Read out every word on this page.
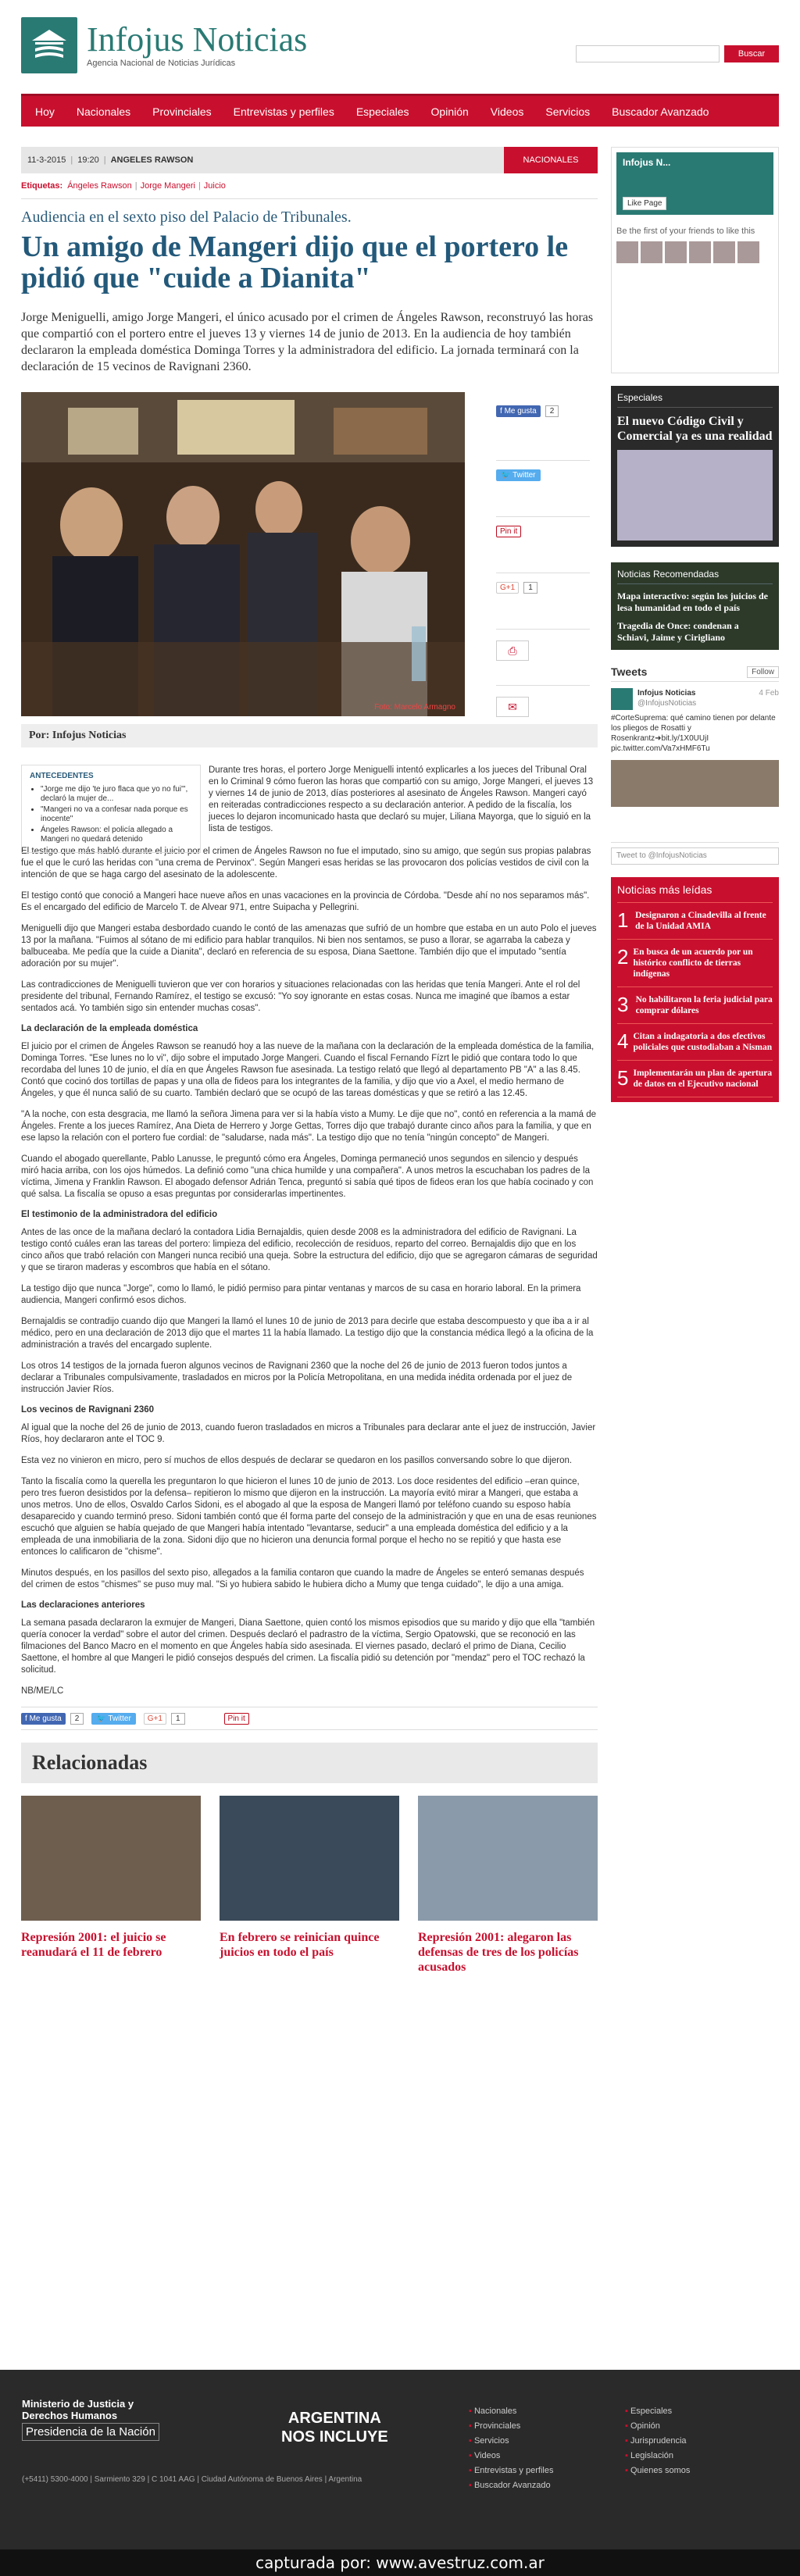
Infojus Noticias
Agencia Nacional de Noticias Jurídicas
Buscar
Hoy	Nacionales	Provinciales	Entrevistas y perfiles	Especiales	Opinión	Videos	Servicios	Buscador Avanzado
11-3-2015 | 19:20 | ANGELES RAWSON	NACIONALES
Etiquetas: Ángeles Rawson | Jorge Mangeri | Juicio
Audiencia en el sexto piso del Palacio de Tribunales.
Un amigo de Mangeri dijo que el portero le pidió que "cuide a Dianita"
Jorge Meniguelli, amigo Jorge Mangeri, el único acusado por el crimen de Ángeles Rawson, reconstruyó las horas que compartió con el portero entre el jueves 13 y viernes 14 de junio de 2013. En la audiencia de hoy también declararon la empleada doméstica Dominga Torres y la administradora del edificio. La jornada terminará con la declaración de 15 vecinos de Ravignani 2360.
Foto: Marcelo Armagno
f Me gusta 2
🐦 Twitter
Pin it
G+1 1
⎙
✉
Por: Infojus Noticias
ANTECEDENTES
• "Jorge me dijo 'te juro flaca que yo no fui'", declaró la mujer de...
• "Mangeri no va a confesar nada porque es inocente"
• Ángeles Rawson: el policía allegado a Mangeri no quedará detenido
Durante tres horas, el portero Jorge Meniguelli intentó explicarles a los jueces del Tribunal Oral en lo Criminal 9 cómo fueron las horas que compartió con su amigo, Jorge Mangeri, el jueves 13 y viernes 14 de junio de 2013, días posteriores al asesinato de Ángeles Rawson. Mangeri cayó en reiteradas contradicciones respecto a su declaración anterior. A pedido de la fiscalía, los jueces lo dejaron incomunicado hasta que declaró su mujer, Liliana Mayorga, que lo siguió en la lista de testigos.

El testigo que más habló durante el juicio por el crimen de Ángeles Rawson no fue el imputado, sino su amigo, que según sus propias palabras fue el que le curó las heridas con "una crema de Pervinox". Según Mangeri esas heridas se las provocaron dos policías vestidos de civil con la intención de que se haga cargo del asesinato de la adolescente.

El testigo contó que conoció a Mangeri hace nueve años en unas vacaciones en la provincia de Córdoba. "Desde ahí no nos separamos más". Es el encargado del edificio de Marcelo T. de Alvear 971, entre Suipacha y Pellegrini.

Meniguelli dijo que Mangeri estaba desbordado cuando le contó de las amenazas que sufrió de un hombre que estaba en un auto Polo el jueves 13 por la mañana. "Fuimos al sótano de mi edificio para hablar tranquilos. Ni bien nos sentamos, se puso a llorar, se agarraba la cabeza y balbuceaba. Me pedía que la cuide a Dianita", declaró en referencia de su esposa, Diana Saettone. También dijo que el imputado "sentía adoración por su mujer".

Las contradicciones de Meniguelli tuvieron que ver con horarios y situaciones relacionadas con las heridas que tenía Mangeri. Ante el rol del presidente del tribunal, Fernando Ramírez, el testigo se excusó: "Yo soy ignorante en estas cosas. Nunca me imaginé que íbamos a estar sentados acá. Yo también sigo sin entender muchas cosas".

La declaración de la empleada doméstica

El juicio por el crimen de Ángeles Rawson se reanudó hoy a las nueve de la mañana con la declaración de la empleada doméstica de la familia, Dominga Torres. "Ese lunes no lo vi", dijo sobre el imputado Jorge Mangeri. Cuando el fiscal Fernando Fízrt le pidió que contara todo lo que recordaba del lunes 10 de junio, el día en que Ángeles Rawson fue asesinada. La testigo relató que llegó al departamento PB "A" a las 8.45. Contó que cocinó dos tortillas de papas y una olla de fideos para los integrantes de la familia, y dijo que vio a Axel, el medio hermano de Ángeles, y que él nunca salió de su cuarto. También declaró que se ocupó de las tareas domésticas y que se retiró a las 12.45.

"A la noche, con esta desgracia, me llamó la señora Jimena para ver si la había visto a Mumy. Le dije que no", contó en referencia a la mamá de Ángeles. Frente a los jueces Ramírez, Ana Dieta de Herrero y Jorge Gettas, Torres dijo que trabajó durante cinco años para la familia, y que en ese lapso la relación con el portero fue cordial: de "saludarse, nada más". La testigo dijo que no tenía "ningún concepto" de Mangeri.

Cuando el abogado querellante, Pablo Lanusse, le preguntó cómo era Ángeles, Dominga permaneció unos segundos en silencio y después miró hacia arriba, con los ojos húmedos. La definió como "una chica humilde y una compañera". A unos metros la escuchaban los padres de la víctima, Jimena y Franklin Rawson. El abogado defensor Adrián Tenca, preguntó si sabía qué tipos de fideos eran los que había cocinado y con qué salsa. La fiscalía se opuso a esas preguntas por considerarlas impertinentes.

El testimonio de la administradora del edificio

Antes de las once de la mañana declaró la contadora Lidia Bernajaldis, quien desde 2008 es la administradora del edificio de Ravignani. La testigo contó cuáles eran las tareas del portero: limpieza del edificio, recolección de residuos, reparto del correo. Bernajaldis dijo que en los cinco años que trabó relación con Mangeri nunca recibió una queja. Sobre la estructura del edificio, dijo que se agregaron cámaras de seguridad y que se tiraron maderas y escombros que había en el sótano.

La testigo dijo que nunca "Jorge", como lo llamó, le pidió permiso para pintar ventanas y marcos de su casa en horario laboral. En la primera audiencia, Mangeri confirmó esos dichos.

Bernajaldis se contradijo cuando dijo que Mangeri la llamó el lunes 10 de junio de 2013 para decirle que estaba descompuesto y que iba a ir al médico, pero en una declaración de 2013 dijo que el martes 11 la había llamado. La testigo dijo que la constancia médica llegó a la oficina de la administración a través del encargado suplente.

Los otros 14 testigos de la jornada fueron algunos vecinos de Ravignani 2360 que la noche del 26 de junio de 2013 fueron todos juntos a declarar a Tribunales compulsivamente, trasladados en micros por la Policía Metropolitana, en una medida inédita ordenada por el juez de instrucción Javier Ríos.

Los vecinos de Ravignani 2360

Al igual que la noche del 26 de junio de 2013, cuando fueron trasladados en micros a Tribunales para declarar ante el juez de instrucción, Javier Ríos, hoy declararon ante el TOC 9.

Esta vez no vinieron en micro, pero sí muchos de ellos después de declarar se quedaron en los pasillos conversando sobre lo que dijeron.

Tanto la fiscalía como la querella les preguntaron lo que hicieron el lunes 10 de junio de 2013. Los doce residentes del edificio –eran quince, pero tres fueron desistidos por la defensa– repitieron lo mismo que dijeron en la instrucción. La mayoría evitó mirar a Mangeri, que estaba a unos metros. Uno de ellos, Osvaldo Carlos Sidoni, es el abogado al que la esposa de Mangeri llamó por teléfono cuando su esposo había desaparecido y cuando terminó preso. Sidoni también contó que él forma parte del consejo de la administración y que en una de esas reuniones escuchó que alguien se había quejado de que Mangeri había intentado "levantarse, seducir" a una empleada doméstica del edificio y a la empleada de una inmobiliaria de la zona. Sidoni dijo que no hicieron una denuncia formal porque el hecho no se repitió y que hasta ese entonces lo calificaron de "chisme".

Minutos después, en los pasillos del sexto piso, allegados a la familia contaron que cuando la madre de Ángeles se enteró semanas después del crimen de estos "chismes" se puso muy mal. "Si yo hubiera sabido le hubiera dicho a Mumy que tenga cuidado", le dijo a una amiga.

Las declaraciones anteriores

La semana pasada declararon la exmujer de Mangeri, Diana Saettone, quien contó los mismos episodios que su marido y dijo que ella "también quería conocer la verdad" sobre el autor del crimen. Después declaró el padrastro de la víctima, Sergio Opatowski, que se reconoció en las filmaciones del Banco Macro en el momento en que Ángeles había sido asesinada. El viernes pasado, declaró el primo de Diana, Cecilio Saettone, el hombre al que Mangeri le pidió consejos después del crimen. La fiscalía pidió su detención por "mendaz" pero el TOC rechazó la solicitud.

NB/ME/LC

f Me gusta 2	🐦 Twitter	G+1 1	Pin it
Relacionadas
Represión 2001: el juicio se reanudará el 11 de febrero
En febrero se reinician quince juicios en todo el país
Represión 2001: alegaron las defensas de tres de los policías acusados
Infojus N...
Like Page
Be the first of your friends to like this
Especiales
El nuevo Código Civil y Comercial ya es una realidad
Noticias Recomendadas
Mapa interactivo: según los juicios de lesa humanidad en todo el país
Tragedia de Once: condenan a Schiavi, Jaime y Cirigliano
Tweets	Follow
Infojus Noticias	4 Feb
@InfojusNoticias
#CorteSuprema: qué camino tienen por delante los pliegos de Rosatti y Rosenkrantz➜bit.ly/1X0UUjI pic.twitter.com/Va7xHMF6Tu
Tweet to @InfojusNoticias
Noticias más leídas
1 Designaron a Cinadevilla al frente de la Unidad AMIA
2 En busca de un acuerdo por un histórico conflicto de tierras indígenas
3 No habilitaron la feria judicial para comprar dólares
4 Citan a indagatoria a dos efectivos policiales que custodiaban a Nisman
5 Implementarán un plan de apertura de datos en el Ejecutivo nacional
Ministerio de Justicia y Derechos Humanos
Presidencia de la Nación
ARGENTINA
NOS INCLUYE
▪ Nacionales
▪ Provinciales
▪ Servicios
▪ Videos
▪ Entrevistas y perfiles
▪ Buscador Avanzado
▪ Especiales
▪ Opinión
▪ Jurisprudencia
▪ Legislación
▪ Quienes somos
(+5411) 5300-4000 | Sarmiento 329 | C 1041 AAG | Ciudad Autónoma de Buenos Aires | Argentina
capturada por: www.avestruz.com.ar
